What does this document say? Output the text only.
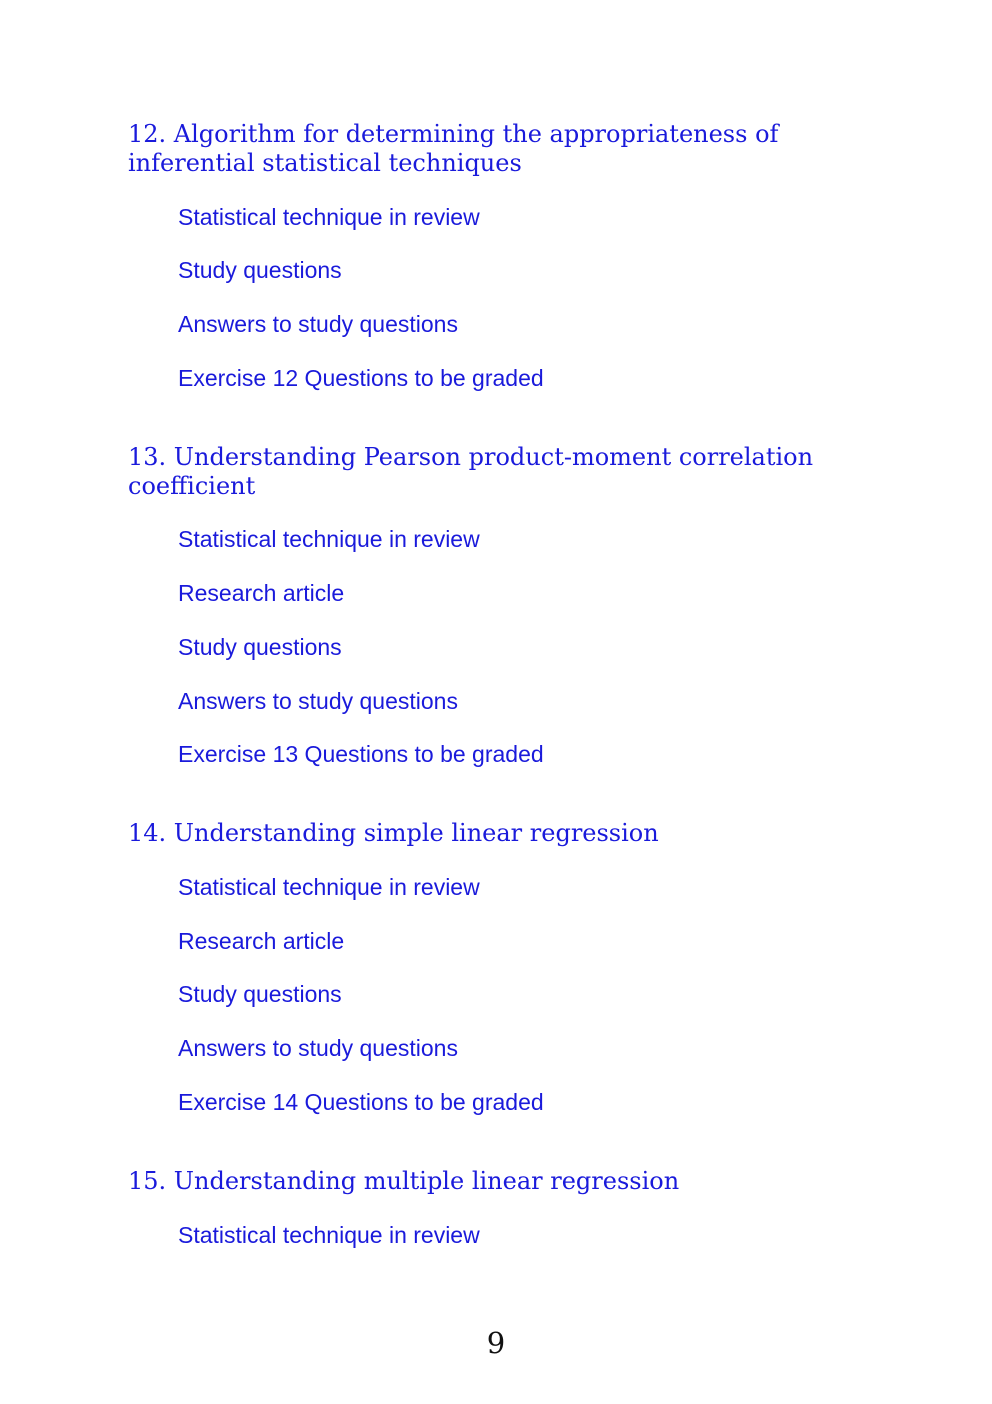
12. Algorithm for determining the appropriateness of inferential statistical techniques
Statistical technique in review
Study questions
Answers to study questions
Exercise 12 Questions to be graded
13. Understanding Pearson product-moment correlation coefficient
Statistical technique in review
Research article
Study questions
Answers to study questions
Exercise 13 Questions to be graded
14. Understanding simple linear regression
Statistical technique in review
Research article
Study questions
Answers to study questions
Exercise 14 Questions to be graded
15. Understanding multiple linear regression
Statistical technique in review
9
